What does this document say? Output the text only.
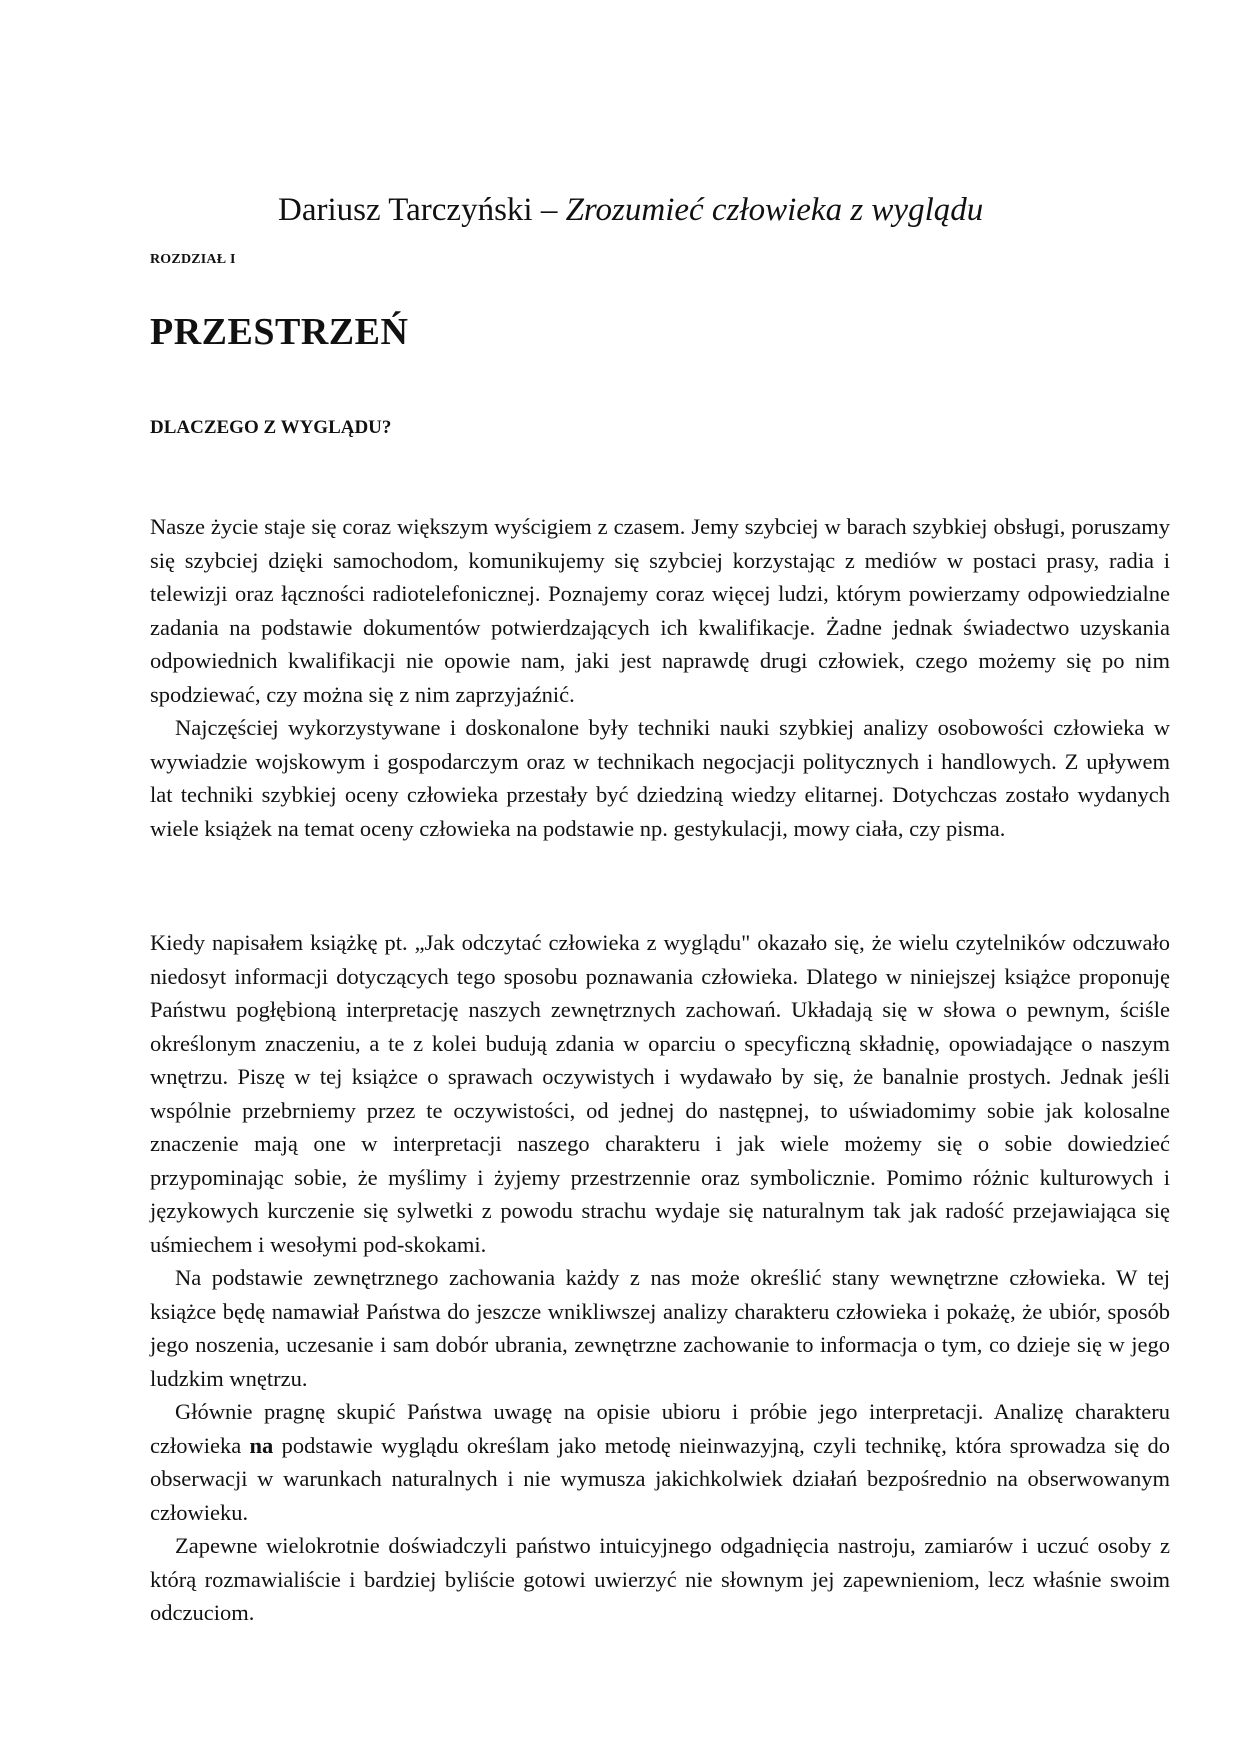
Dariusz Tarczyński – Zrozumieć człowieka z wyglądu
ROZDZIAŁ I
PRZESTRZEŃ
DLACZEGO Z WYGLĄDU?

Nasze życie staje się coraz większym wyścigiem z czasem. Jemy szybciej w barach szybkiej obsługi, poruszamy się szybciej dzięki samochodom, komunikujemy się szybciej korzystając z mediów w postaci prasy, radia i telewizji oraz łączności radiotelefonicznej. Poznajemy coraz więcej ludzi, którym powierzamy odpowiedzialne zadania na podstawie dokumentów potwierdzających ich kwalifikacje. Żadne jednak świadectwo uzyskania odpowiednich kwalifikacji nie opowie nam, jaki jest naprawdę drugi człowiek, czego możemy się po nim spodziewać, czy można się z nim zaprzyjaźnić.

Najczęściej wykorzystywane i doskonalone były techniki nauki szybkiej analizy osobowości człowieka w wywiadzie wojskowym i gospodarczym oraz w technikach negocjacji politycznych i handlowych. Z upływem lat techniki szybkiej oceny człowieka przestały być dziedziną wiedzy elitarnej. Dotychczas zostało wydanych wiele książek na temat oceny człowieka na podstawie np. gestykulacji, mowy ciała, czy pisma.

Kiedy napisałem książkę pt. „Jak odczytać człowieka z wyglądu" okazało się, że wielu czytelników odczuwało niedosyt informacji dotyczących tego sposobu poznawania człowieka. Dlatego w niniejszej książce proponuję Państwu pogłębioną interpretację naszych zewnętrznych zachowań. Układają się w słowa o pewnym, ściśle określonym znaczeniu, a te z kolei budują zdania w oparciu o specyficzną składnię, opowiadające o naszym wnętrzu. Piszę w tej książce o sprawach oczywistych i wydawało by się, że banalnie prostych. Jednak jeśli wspólnie przebrniemy przez te oczywistości, od jednej do następnej, to uświadomimy sobie jak kolosalne znaczenie mają one w interpretacji naszego charakteru i jak wiele możemy się o sobie dowiedzieć przypominając sobie, że myślimy i żyjemy przestrzennie oraz symbolicznie. Pomimo różnic kulturowych i językowych kurczenie się sylwetki z powodu strachu wydaje się naturalnym tak jak radość przejawiająca się uśmiechem i wesołymi pod-skokami.

Na podstawie zewnętrznego zachowania każdy z nas może określić stany wewnętrzne człowieka. W tej książce będę namawiał Państwa do jeszcze wnikliwszej analizy charakteru człowieka i pokażę, że ubiór, sposób jego noszenia, uczesanie i sam dobór ubrania, zewnętrzne zachowanie to informacja o tym, co dzieje się w jego ludzkim wnętrzu.

Głównie pragnę skupić Państwa uwagę na opisie ubioru i próbie jego interpretacji. Analizę charakteru człowieka na podstawie wyglądu określam jako metodę nieinwazyjną, czyli technikę, która sprowadza się do obserwacji w warunkach naturalnych i nie wymusza jakichkolwiek działań bezpośrednio na obserwowanym człowieku.

Zapewne wielokrotnie doświadczyli państwo intuicyjnego odgadnięcia nastroju, zamiarów i uczuć osoby z którą rozmawialiście i bardziej byliście gotowi uwierzyć nie słownym jej zapewnieniom, lecz właśnie swoim odczuciom.
